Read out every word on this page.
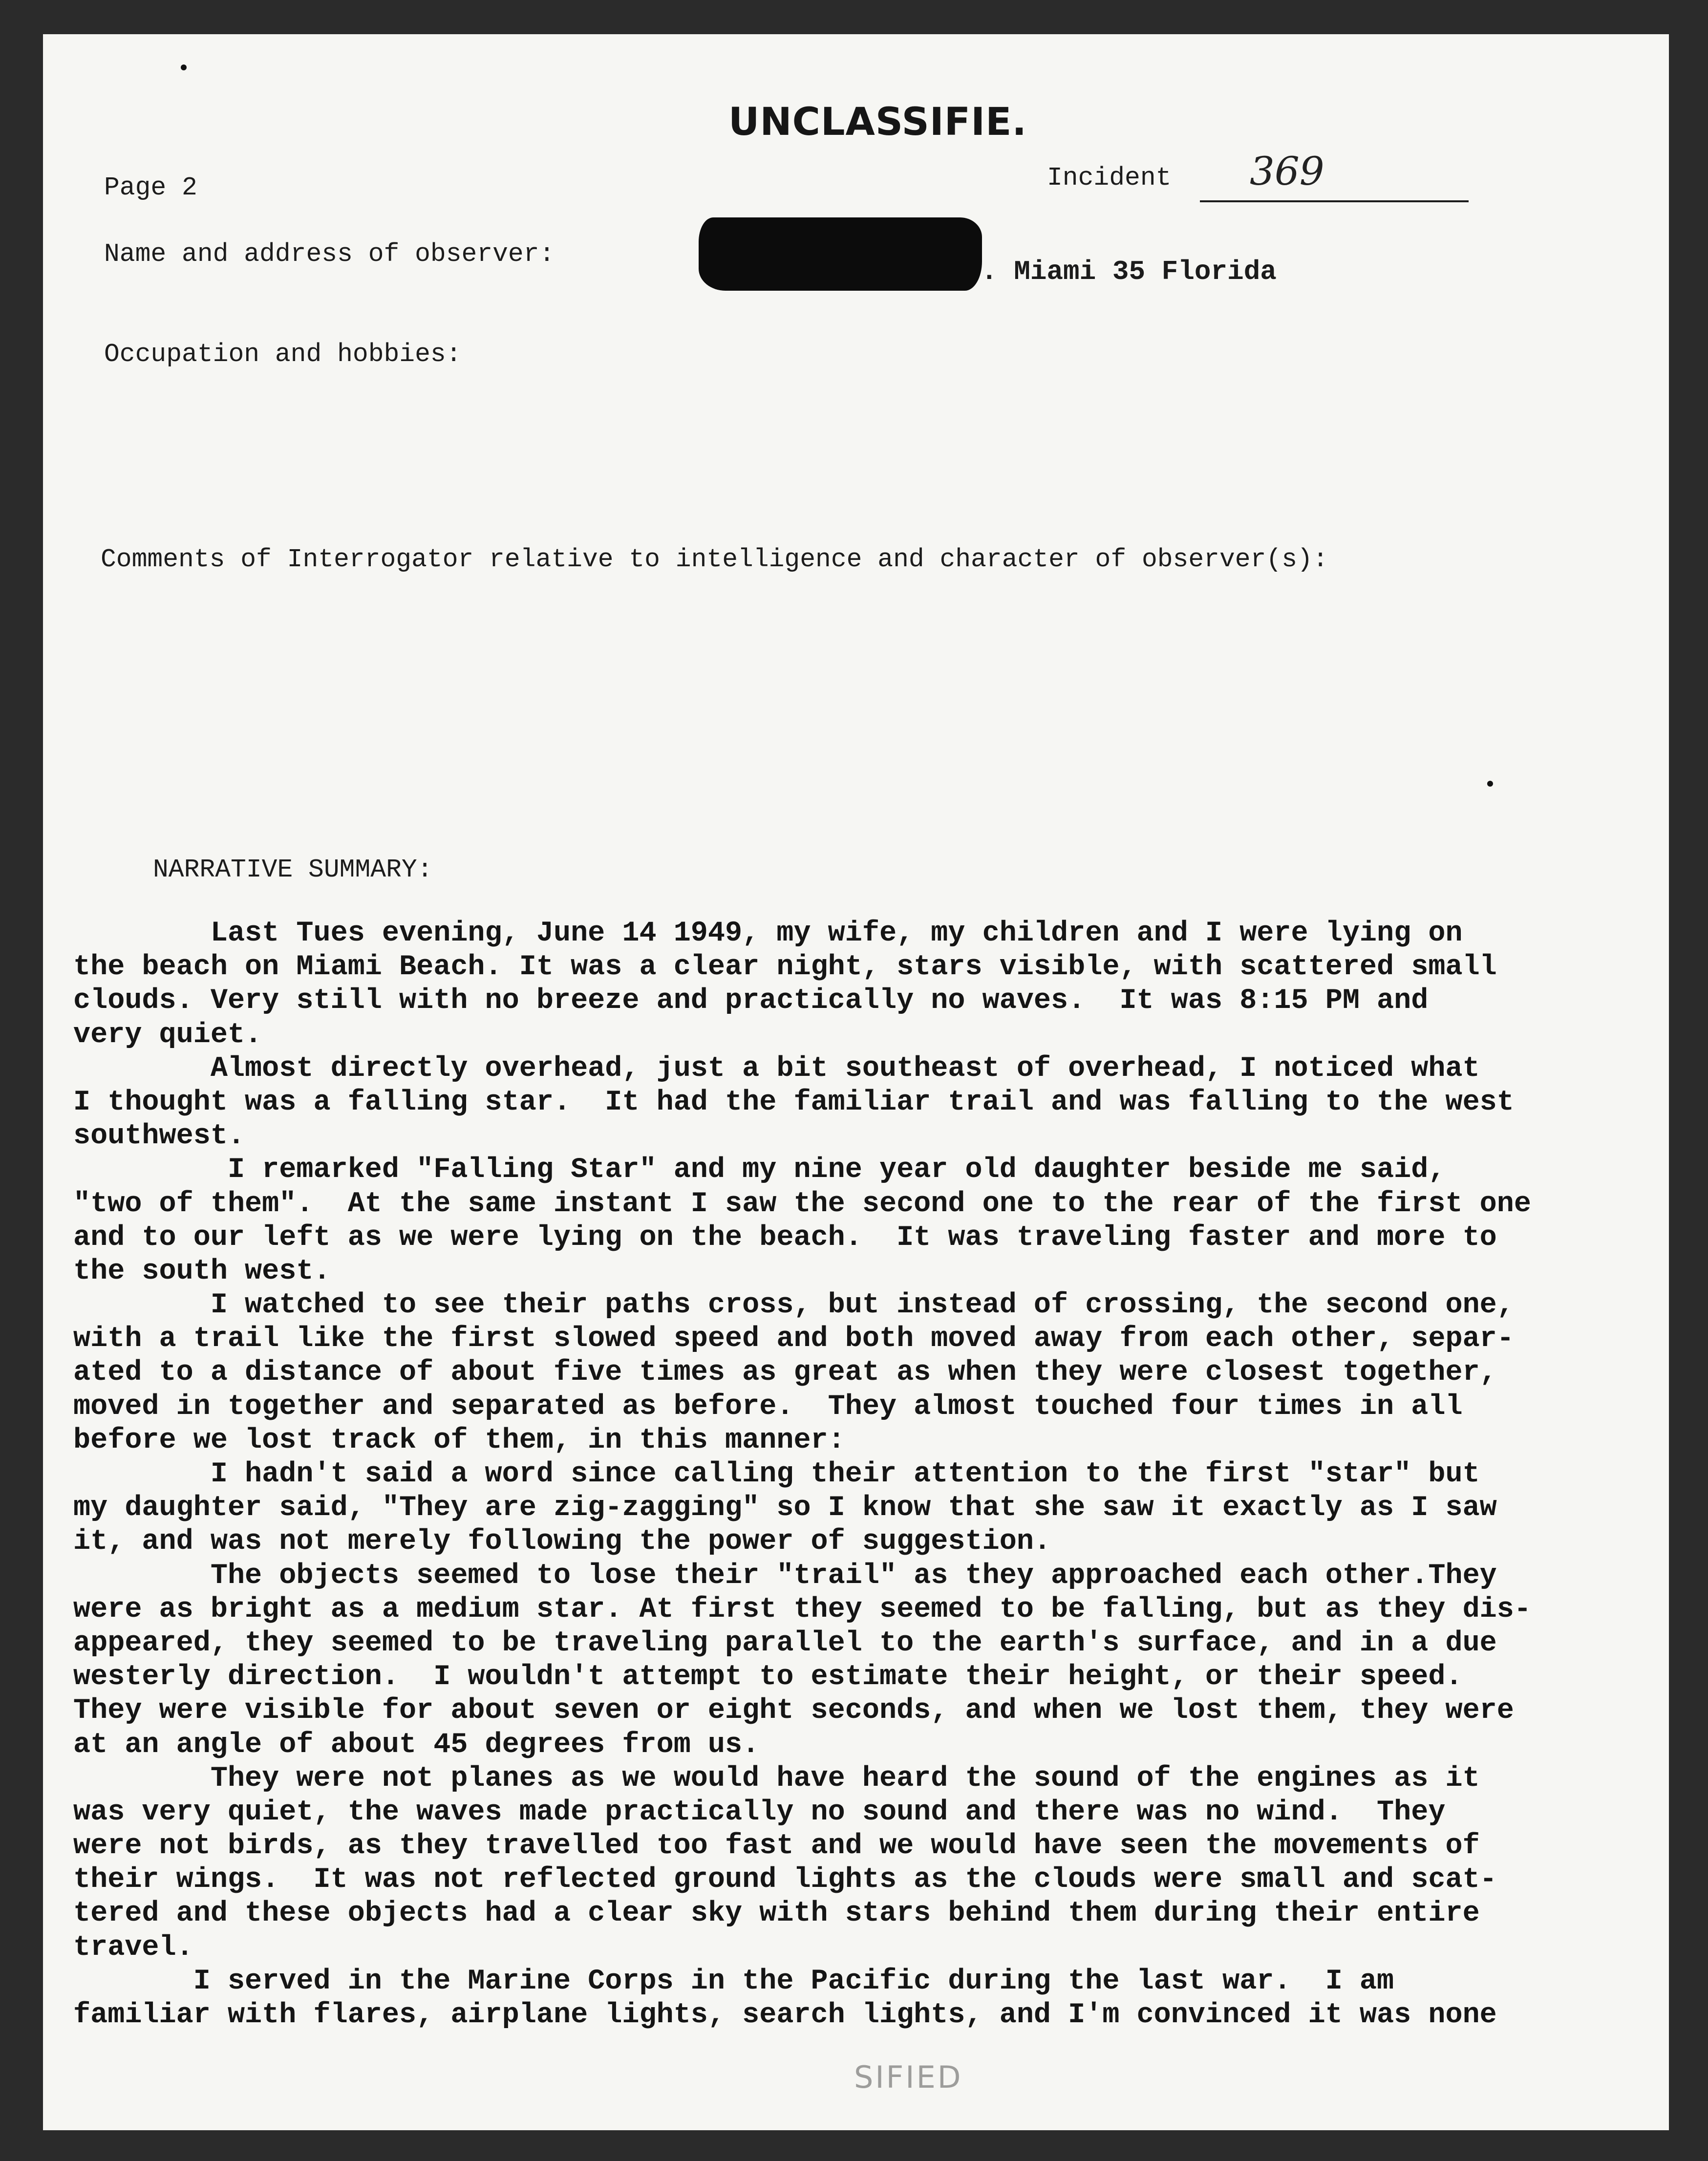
UNCLASSIFIE.
Page 2	Incident 369
Name and address of observer:
. Miami 35 Florida
Occupation and hobbies:
Comments of Interrogator relative to intelligence and character of observer(s):
NARRATIVE SUMMARY:
Last Tues evening, June 14 1949, my wife, my children and I were lying on
the beach on Miami Beach. It was a clear night, stars visible, with scattered small
clouds. Very still with no breeze and practically no waves.  It was 8:15 PM and
very quiet.
Almost directly overhead, just a bit southeast of overhead, I noticed what
I thought was a falling star.  It had the familiar trail and was falling to the west
southwest.
I remarked "Falling Star" and my nine year old daughter beside me said,
"two of them".  At the same instant I saw the second one to the rear of the first one
and to our left as we were lying on the beach.  It was traveling faster and more to
the south west.
I watched to see their paths cross, but instead of crossing, the second one,
with a trail like the first slowed speed and both moved away from each other, separ-
ated to a distance of about five times as great as when they were closest together,
moved in together and separated as before.  They almost touched four times in all
before we lost track of them, in this manner:
I hadn't said a word since calling their attention to the first "star" but
my daughter said, "They are zig-zagging" so I know that she saw it exactly as I saw
it, and was not merely following the power of suggestion.
The objects seemed to lose their "trail" as they approached each other.They
were as bright as a medium star. At first they seemed to be falling, but as they dis-
appeared, they seemed to be traveling parallel to the earth's surface, and in a due
westerly direction.  I wouldn't attempt to estimate their height, or their speed.
They were visible for about seven or eight seconds, and when we lost them, they were
at an angle of about 45 degrees from us.
They were not planes as we would have heard the sound of the engines as it
was very quiet, the waves made practically no sound and there was no wind.  They
were not birds, as they travelled too fast and we would have seen the movements of
their wings.  It was not reflected ground lights as the clouds were small and scat-
tered and these objects had a clear sky with stars behind them during their entire
travel.
I served in the Marine Corps in the Pacific during the last war.  I am
familiar with flares, airplane lights, search lights, and I'm convinced it was none
SIFIED
